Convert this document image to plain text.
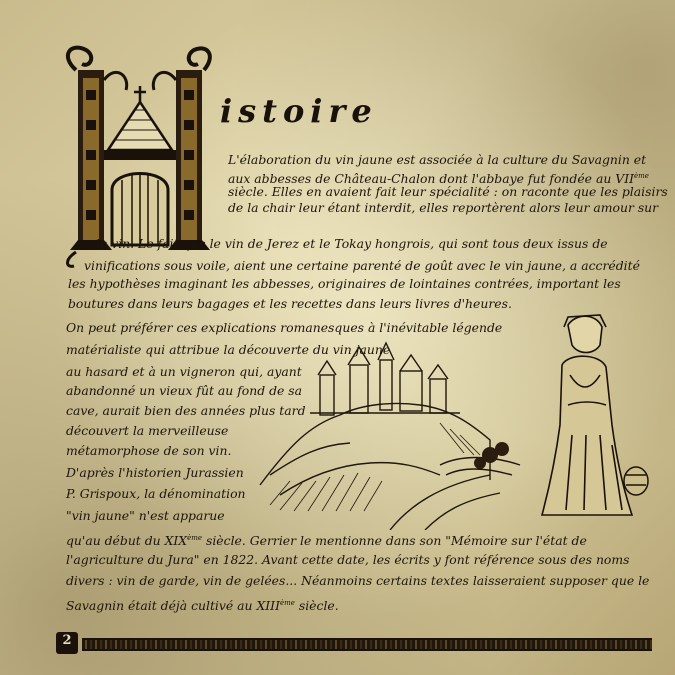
istoire
L'élaboration du vin jaune est associée à la culture du Savagnin et
aux abbesses de Château-Chalon dont l'abbaye fut fondée au VIIème
siècle. Elles en avaient fait leur spécialité : on raconte que les plaisirs
de la chair leur étant interdit, elles reportèrent alors leur amour sur
le vin. Le fait que le vin de Jerez et le Tokay hongrois, qui sont tous deux issus de
vinifications sous voile, aient une certaine parenté de goût avec le vin jaune, a accrédité
les hypothèses imaginant les abbesses, originaires de lointaines contrées, important les
boutures dans leurs bagages et les recettes dans leurs livres d'heures.
On peut préférer ces explications romanesques à l'inévitable légende
matérialiste qui attribue la découverte du vin jaune
au hasard et à un vigneron qui, ayant
abandonné un vieux fût au fond de sa
cave, aurait bien des années plus tard
découvert la merveilleuse
métamorphose de son vin.
D'après l'historien Jurassien
P. Grispoux, la dénomination
"vin jaune" n'est apparue
qu'au début du XIXème siècle. Gerrier le mentionne dans son "Mémoire sur l'état de
l'agriculture du Jura" en 1822. Avant cette date, les écrits y font référence sous des noms
divers : vin de garde, vin de gelées... Néanmoins certains textes laisseraient supposer que le
Savagnin était déjà cultivé au XIIIème siècle.
2
